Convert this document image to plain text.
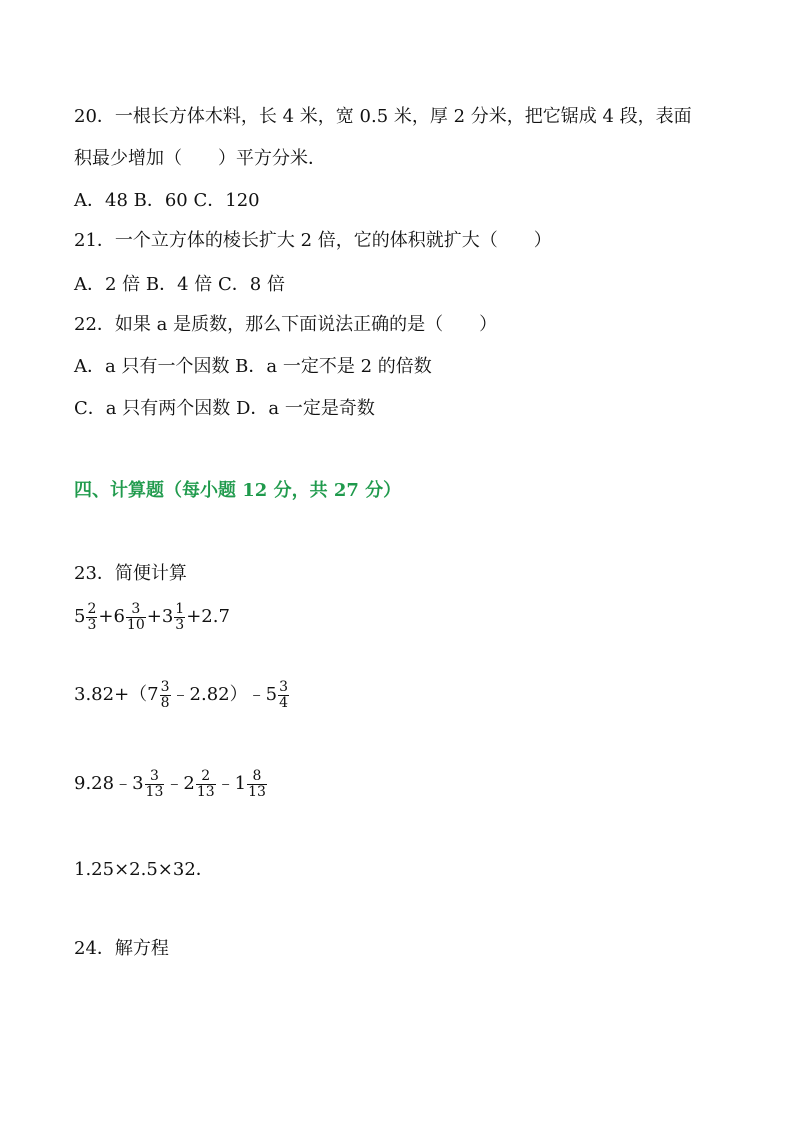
20．一根长方体木料，长 4 米，宽 0.5 米，厚 2 分米，把它锯成 4 段，表面
积最少增加（　　）平方分米．
A．48 B．60 C．120
21．一个立方体的棱长扩大 2 倍，它的体积就扩大（　　）
A．2 倍 B．4 倍 C．8 倍
22．如果 a 是质数，那么下面说法正确的是（　　）
A．a 只有一个因数 B．a 一定不是 2 的倍数
C．a 只有两个因数 D．a 一定是奇数
四、计算题（每小题 12 分，共 27 分）
23．简便计算
$5 \frac{2}{3} +6 \frac{3}{10} +3 \frac{1}{3} +2.7$
$3.82+(7 \frac{3}{8}$ ﹣2.82）﹣5 $\frac{3}{4}$
9.28﹣3 $\frac{3}{13}$ ﹣2 $\frac{2}{13}$ ﹣1 $\frac{8}{13}$
1.25×2.5×32．
24．解方程
